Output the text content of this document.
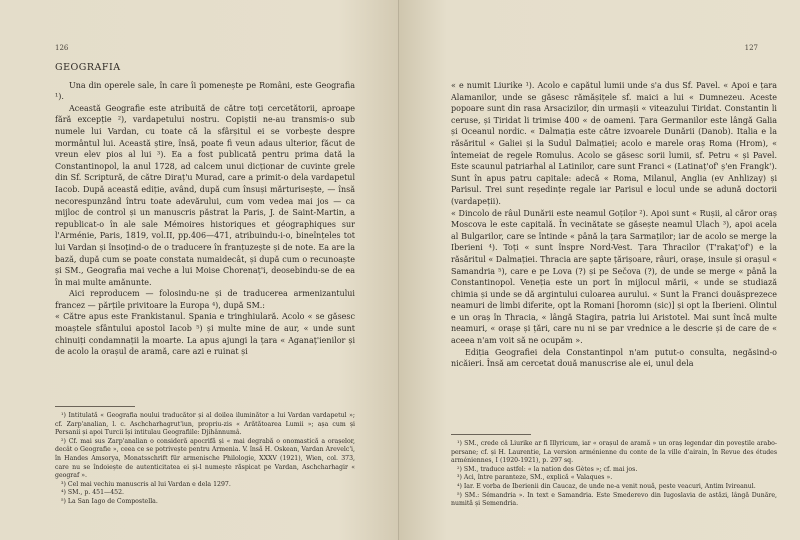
126
GEOGRAFIA

Una din operele sale, în care îi pomenește pe Români, este Geografia ¹).

Această Geografie este atribuită de către toți cercetătorii, aproape fără excepție ²), vardapetului nostru. Copiștii ne-au transmis-o sub numele lui Vardan, cu toate că la sfârșitul ei se vorbește despre mormântul lui. Această știre, însă, poate fi veun adaus ulterior, făcut de vreun elev pios al lui ³). Ea a fost publicată pentru prima dată la Constantinopol, la anul 1728, ad calcem unui dicționar de cuvinte grele din Sf. Scriptură, de către Diraț'u Murad, care a primit-o dela vardapetul Iacob. După această ediție, având, după cum însuși mărturisește, — însă necorespunzând întru toate adevărului, cum vom vedea mai jos — ca mijloc de control și un manuscris păstrat la Paris, J. de Saint-Martin, a republicat-o în ale sale Mémoires historiques et géographiques sur l'Arménie, Paris, 1819, vol.II, pp.406—471, atribuindu-i-o, bineînțeles tot lui Vardan și însoțind-o de o traducere în franțuzește și de note. Ea are la bază, după cum se poate constata numaidecât, și după cum o recunoaște și SM., Geografia mai veche a lui Moise Chorenaț'i, deosebindu-se de ea în mai multe amănunte.

Aici reproducem — folosindu-ne și de traducerea armenizantului francez — părțile privitoare la Europa ⁴), după SM.:

« Către apus este Frankistanul. Spania e tringhiulară. Acolo « se găsesc moaștele sfântului apostol Iacob ⁵) și multe mine de aur, « unde sunt chinuiți condamnații la moarte. La apus ajungi la țara « Aganaț'ienilor și de acolo la orașul de aramă, care azi e ruinat și

¹) Intitulată « Geografia noului traducător și al doilea iluminător a lui Vardan vardapetul »; cf. Zarp'analian, l. c. Aschcharhagrut'iun, propriu-zis « Arătătoarea Lumii »; așa cum și Persanii și apoi Turcii își intitulau Geografiile: Djihânnumâ.

²) Cf. mai sus Zarp'analian o consideră apocrifă și « mai degrabă o onomastică a orașelor, decât o Geografie », ceea ce se potrivește pentru Armenia. V. însă H. Oskean, Vardan Arevelc'i, în Handes Amsorya, Monatsschrift für armenische Philologie, XXXV (1921), Wien, col. 373, care nu se îndoiește de autenticitatea ei și-l numește răspicat pe Vardan, Aschcharhagir « geograf ».

³) Cel mai vechiu manuscris al lui Vardan e dela 1297.

⁴) SM., p. 451—452.

⁵) La San Iago de Compostella.

127

« e numit Liurike ¹). Acolo e capătul lumii unde s'a dus Sf. Pavel. « Apoi e țara Alamanilor, unde se găsesc rămășițele sf. maici a lui « Dumnezeu. Aceste popoare sunt din rasa Arsacizilor, din urmașii « viteazului Tiridat. Constantin li ceruse, și Tiridat li trimise 400 « de oameni. Țara Germanilor este lângă Galia și Oceanul nordic. « Dalmația este către izvoarele Dunării (Danob). Italia e la răsăritul « Galiei și la Sudul Dalmației; acolo e marele oraș Roma (Hrom), « întemeiat de regele Romulus. Acolo se găsesc sorii lumii, sf. Petru « și Pavel. Este scaunul patriarhal al Latinilor, care sunt Franci « (Latinaț'of' ș'en Frangk'). Sunt în apus patru capitale: adecă « Roma, Milanul, Anglia (ev Anhlizay) și Parisul. Trei sunt reședințe regale iar Parisul e locul unde se adună doctorii (vardapeții).

« Dincolo de râul Dunării este neamul Goților ²). Apoi sunt « Rușii, al căror oraș Moscova le este capitală. În vecinătate se găsește neamul Ulach ³), apoi acela al Bulgarilor, care se întinde « până la țara Sarmaților; iar de acolo se merge la Iberieni ⁴). Toți « sunt înspre Nord-Vest. Țara Thracilor (T'rakaț'of') e la răsăritul « Dalmației. Thracia are șapte țărișoare, râuri, orașe, insule și orașul « Samandria ⁵), care e pe Lova (?) și pe Sečova (?), de unde se merge « până la Constantinopol. Veneția este un port în mijlocul mării, « unde se studiază chimia și unde se dă argintului culoarea aurului. « Sunt la Franci douăsprezece neamuri de limbi diferite, opt la Romani [horomn (sic)] și opt la Iberieni. Olintul e un oraș în Thracia, « lângă Stagira, patria lui Aristotel. Mai sunt încă multe neamuri, « orașe și țări, care nu ni se par vrednice a le descrie și de care de « aceea n'am voit să ne ocupăm ».

Ediția Geografiei dela Constantinpol n'am putut-o consulta, negăsind-o nicăieri. Însă am cercetat două manuscrise ale ei, unul dela

¹) SM., crede că Liurike ar fi Illyricum, iar « orașul de aramă » un oraș legendar din poveștile arabo-persane; cf. și H. Laurentie, La version arménienne du conte de la ville d'airain, în Revue des études arméniennes, I (1920-1921), p. 297 sq.

²) SM., traduce astfel: « la nation des Gètes »; cf. mai jos.

³) Aci, între paranteze, SM., explică « Valaques ».

⁴) Iar. E vorba de Iberienii din Caucaz, de unde ne-a venit nouă, peste veacuri, Antim Ivireanul.

⁵) SM.: Sémandria ». In text e Samandria. Este Smederevo din Iugoslavia de astăzi, lângă Dunăre, numită și Semendria.
